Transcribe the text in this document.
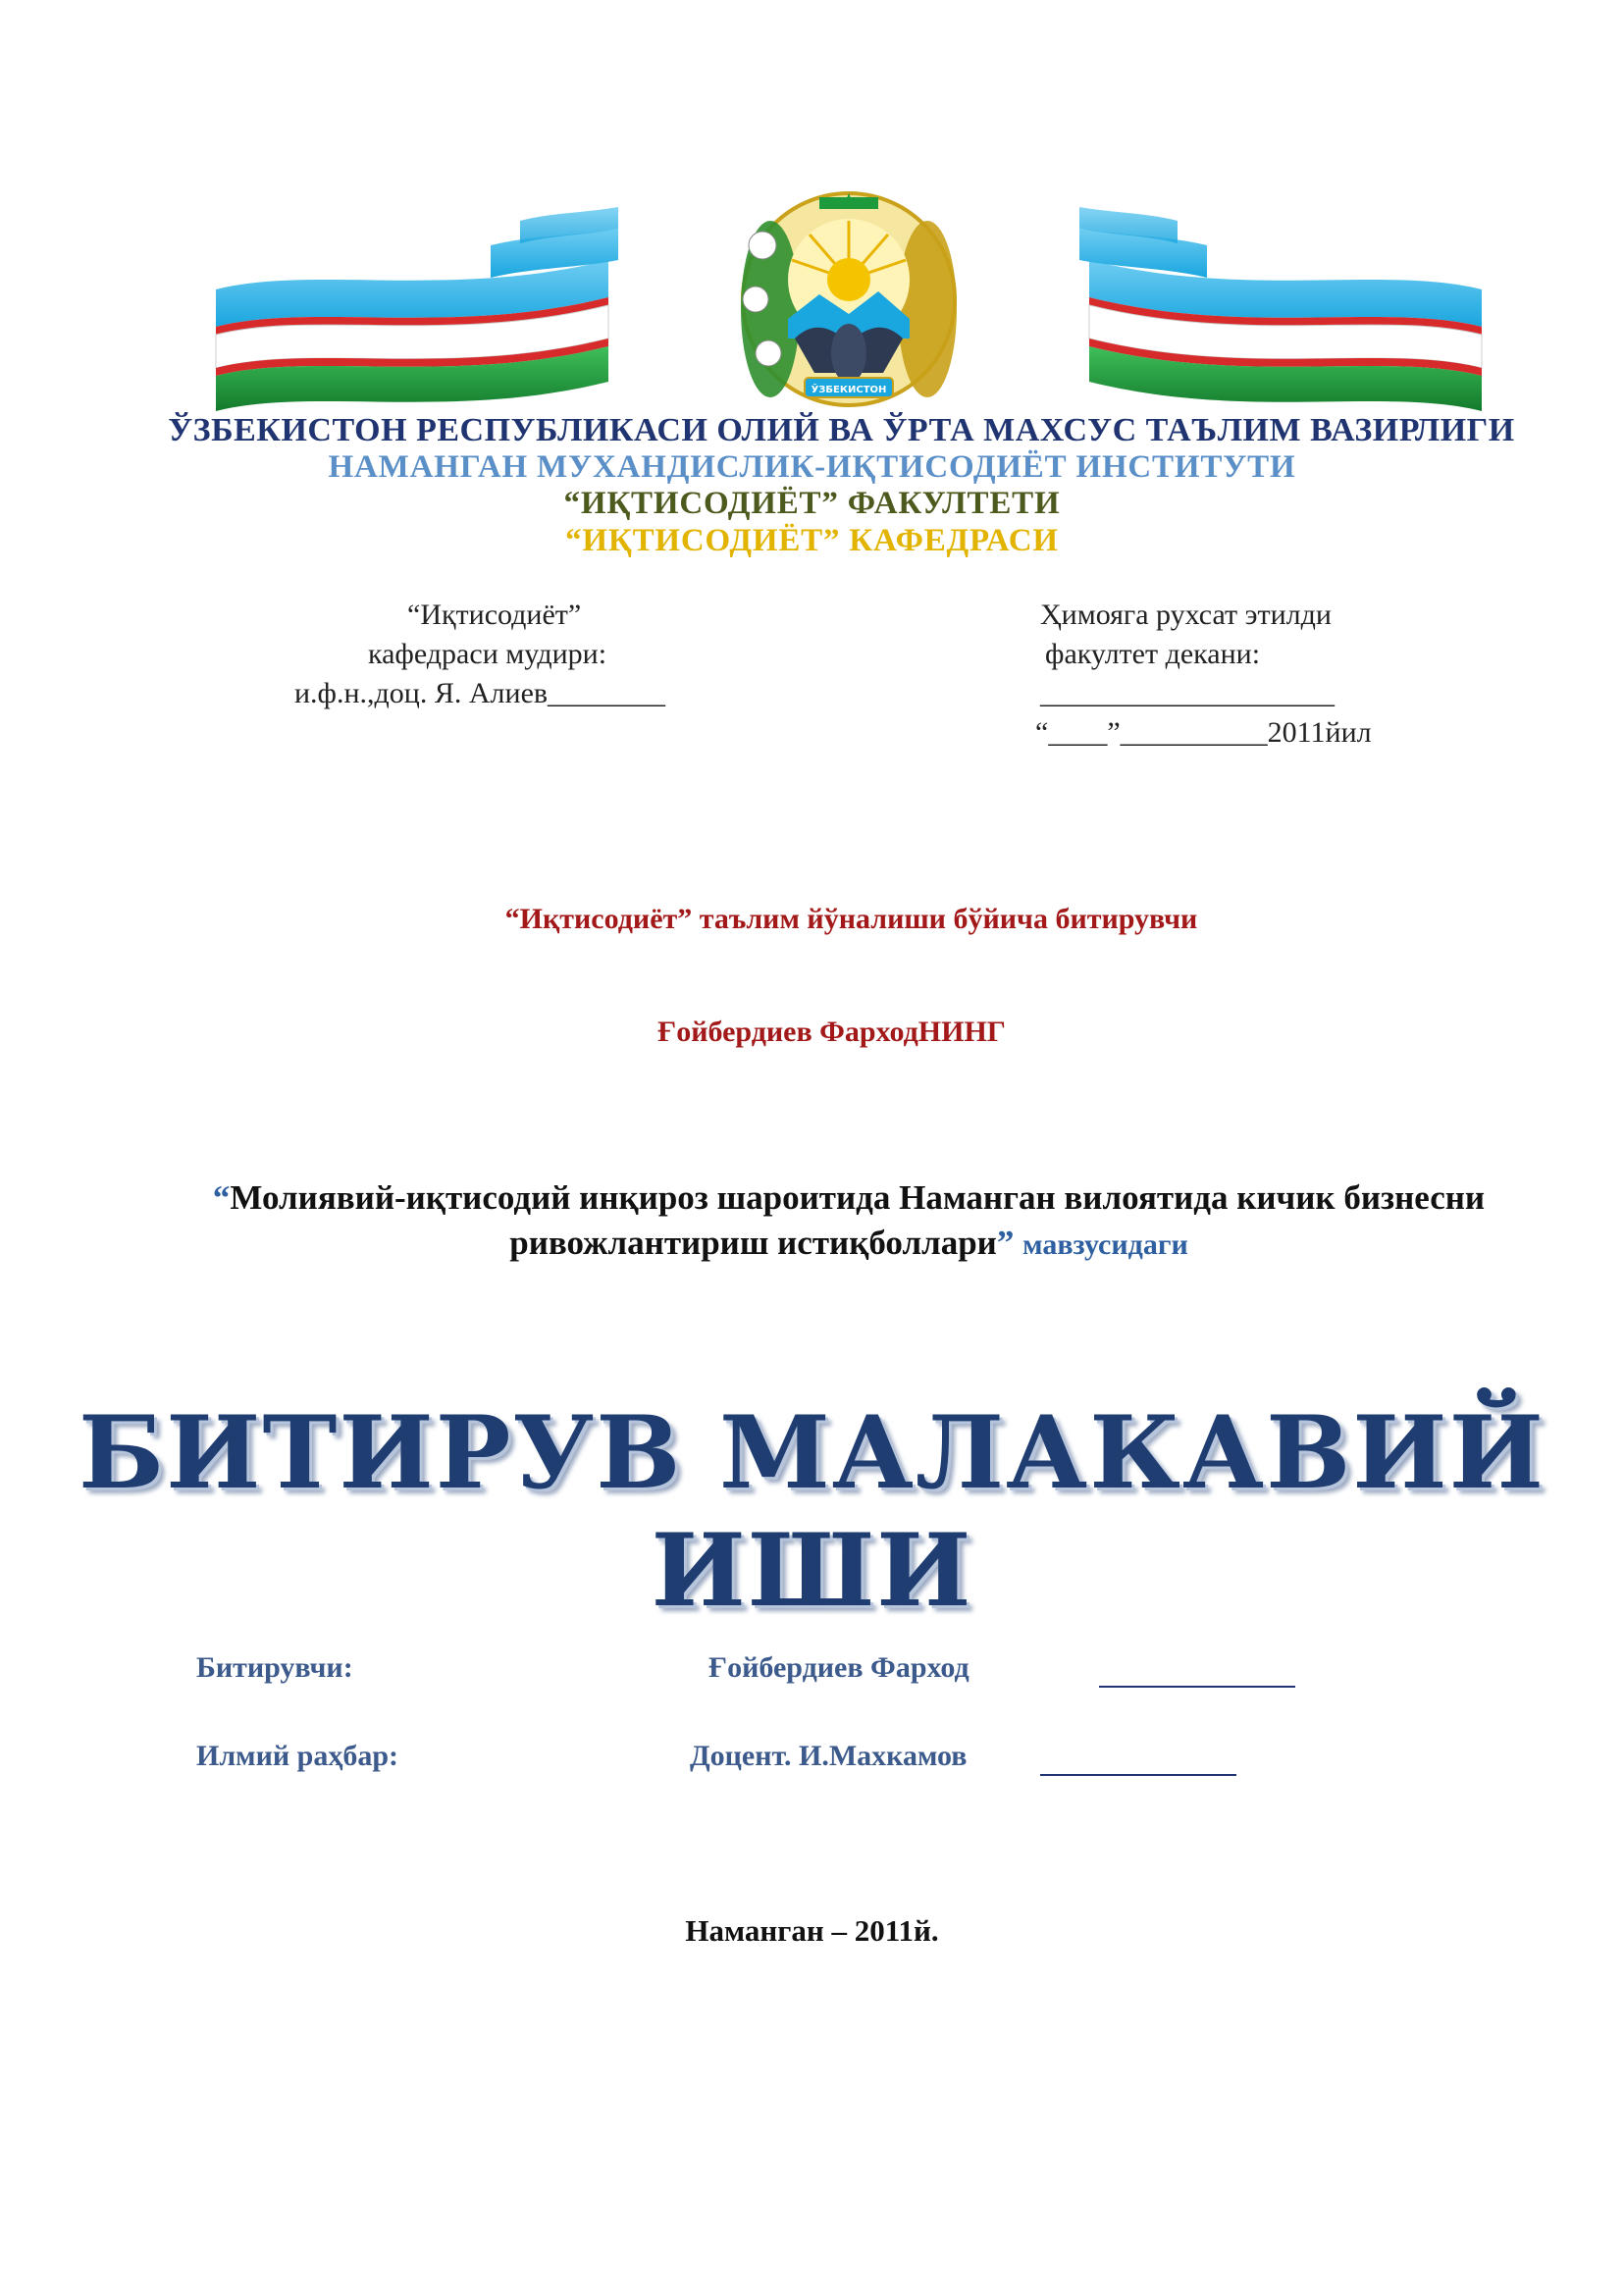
ЎЗБЕКИСТОН
ЎЗБЕКИСТОН РЕСПУБЛИКАСИ ОЛИЙ ВА ЎРТА МАХСУС ТАЪЛИМ ВАЗИРЛИГИ
НАМАНГАН МУХАНДИСЛИК-ИҚТИСОДИЁТ ИНСТИТУТИ
“ИҚТИСОДИЁТ” ФАКУЛТЕТИ
“ИҚТИСОДИЁТ” КАФЕДРАСИ
“Иқтисодиёт”
кафедраси мудири:
и.ф.н.,доц. Я. Алиев________
Ҳимояга рухсат этилди
факултет декани:
____________________
“____”__________2011йил
“Иқтисодиёт” таълим йўналиши бўйича битирувчи
Ғойбердиев ФарходНИНГ
“Молиявий-иқтисодий инқироз шароитида Наманган вилоятида кичик бизнесни ривожлантириш истиқболлари” мавзусидаги
БИТИРУВ МАЛАКАВИЙ
ИШИ
Битирувчи:	Ғойбердиев Фарход
Илмий раҳбар:	Доцент. И.Махкамов
Наманган – 2011й.
